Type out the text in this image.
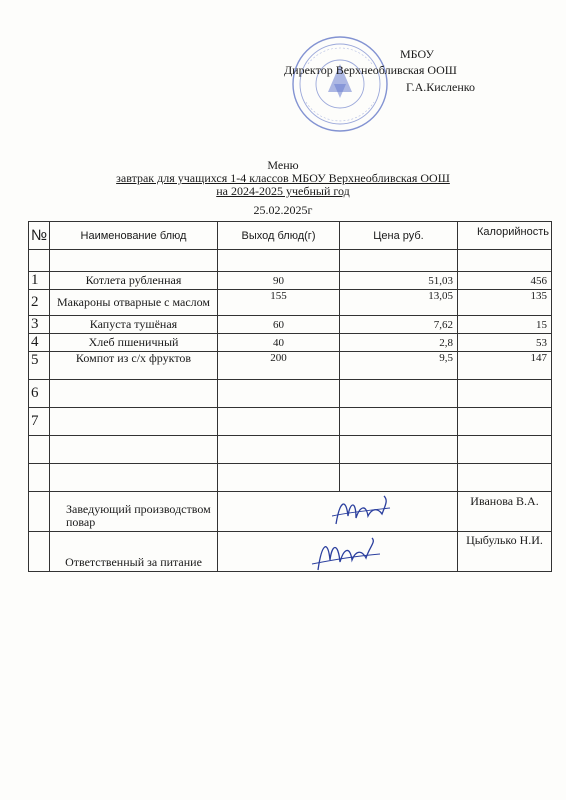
МБОУ
Директор Верхнеобливская ООШ
Г.А.Кисленко
Меню
завтрак для учащихся 1-4 классов МБОУ Верхнеобливская ООШ
на 2024-2025 учебный год
25.02.2025г
№	Наименование блюд	Выход блюд(г)	Цена руб.	Калорийность

1	Котлета рубленная	90	51,03	456
2	Макароны отварные с маслом	155	13,05	135
3	Капуста тушёная	60	7,62	15
4	Хлеб пшеничный	40	2,8	53
5	Компот из с/х фруктов	200	9,5	147
6				
7				

	Заведующий производством повар			Иванова В.А.
	Ответственный за питание			Цыбулько Н.И.
